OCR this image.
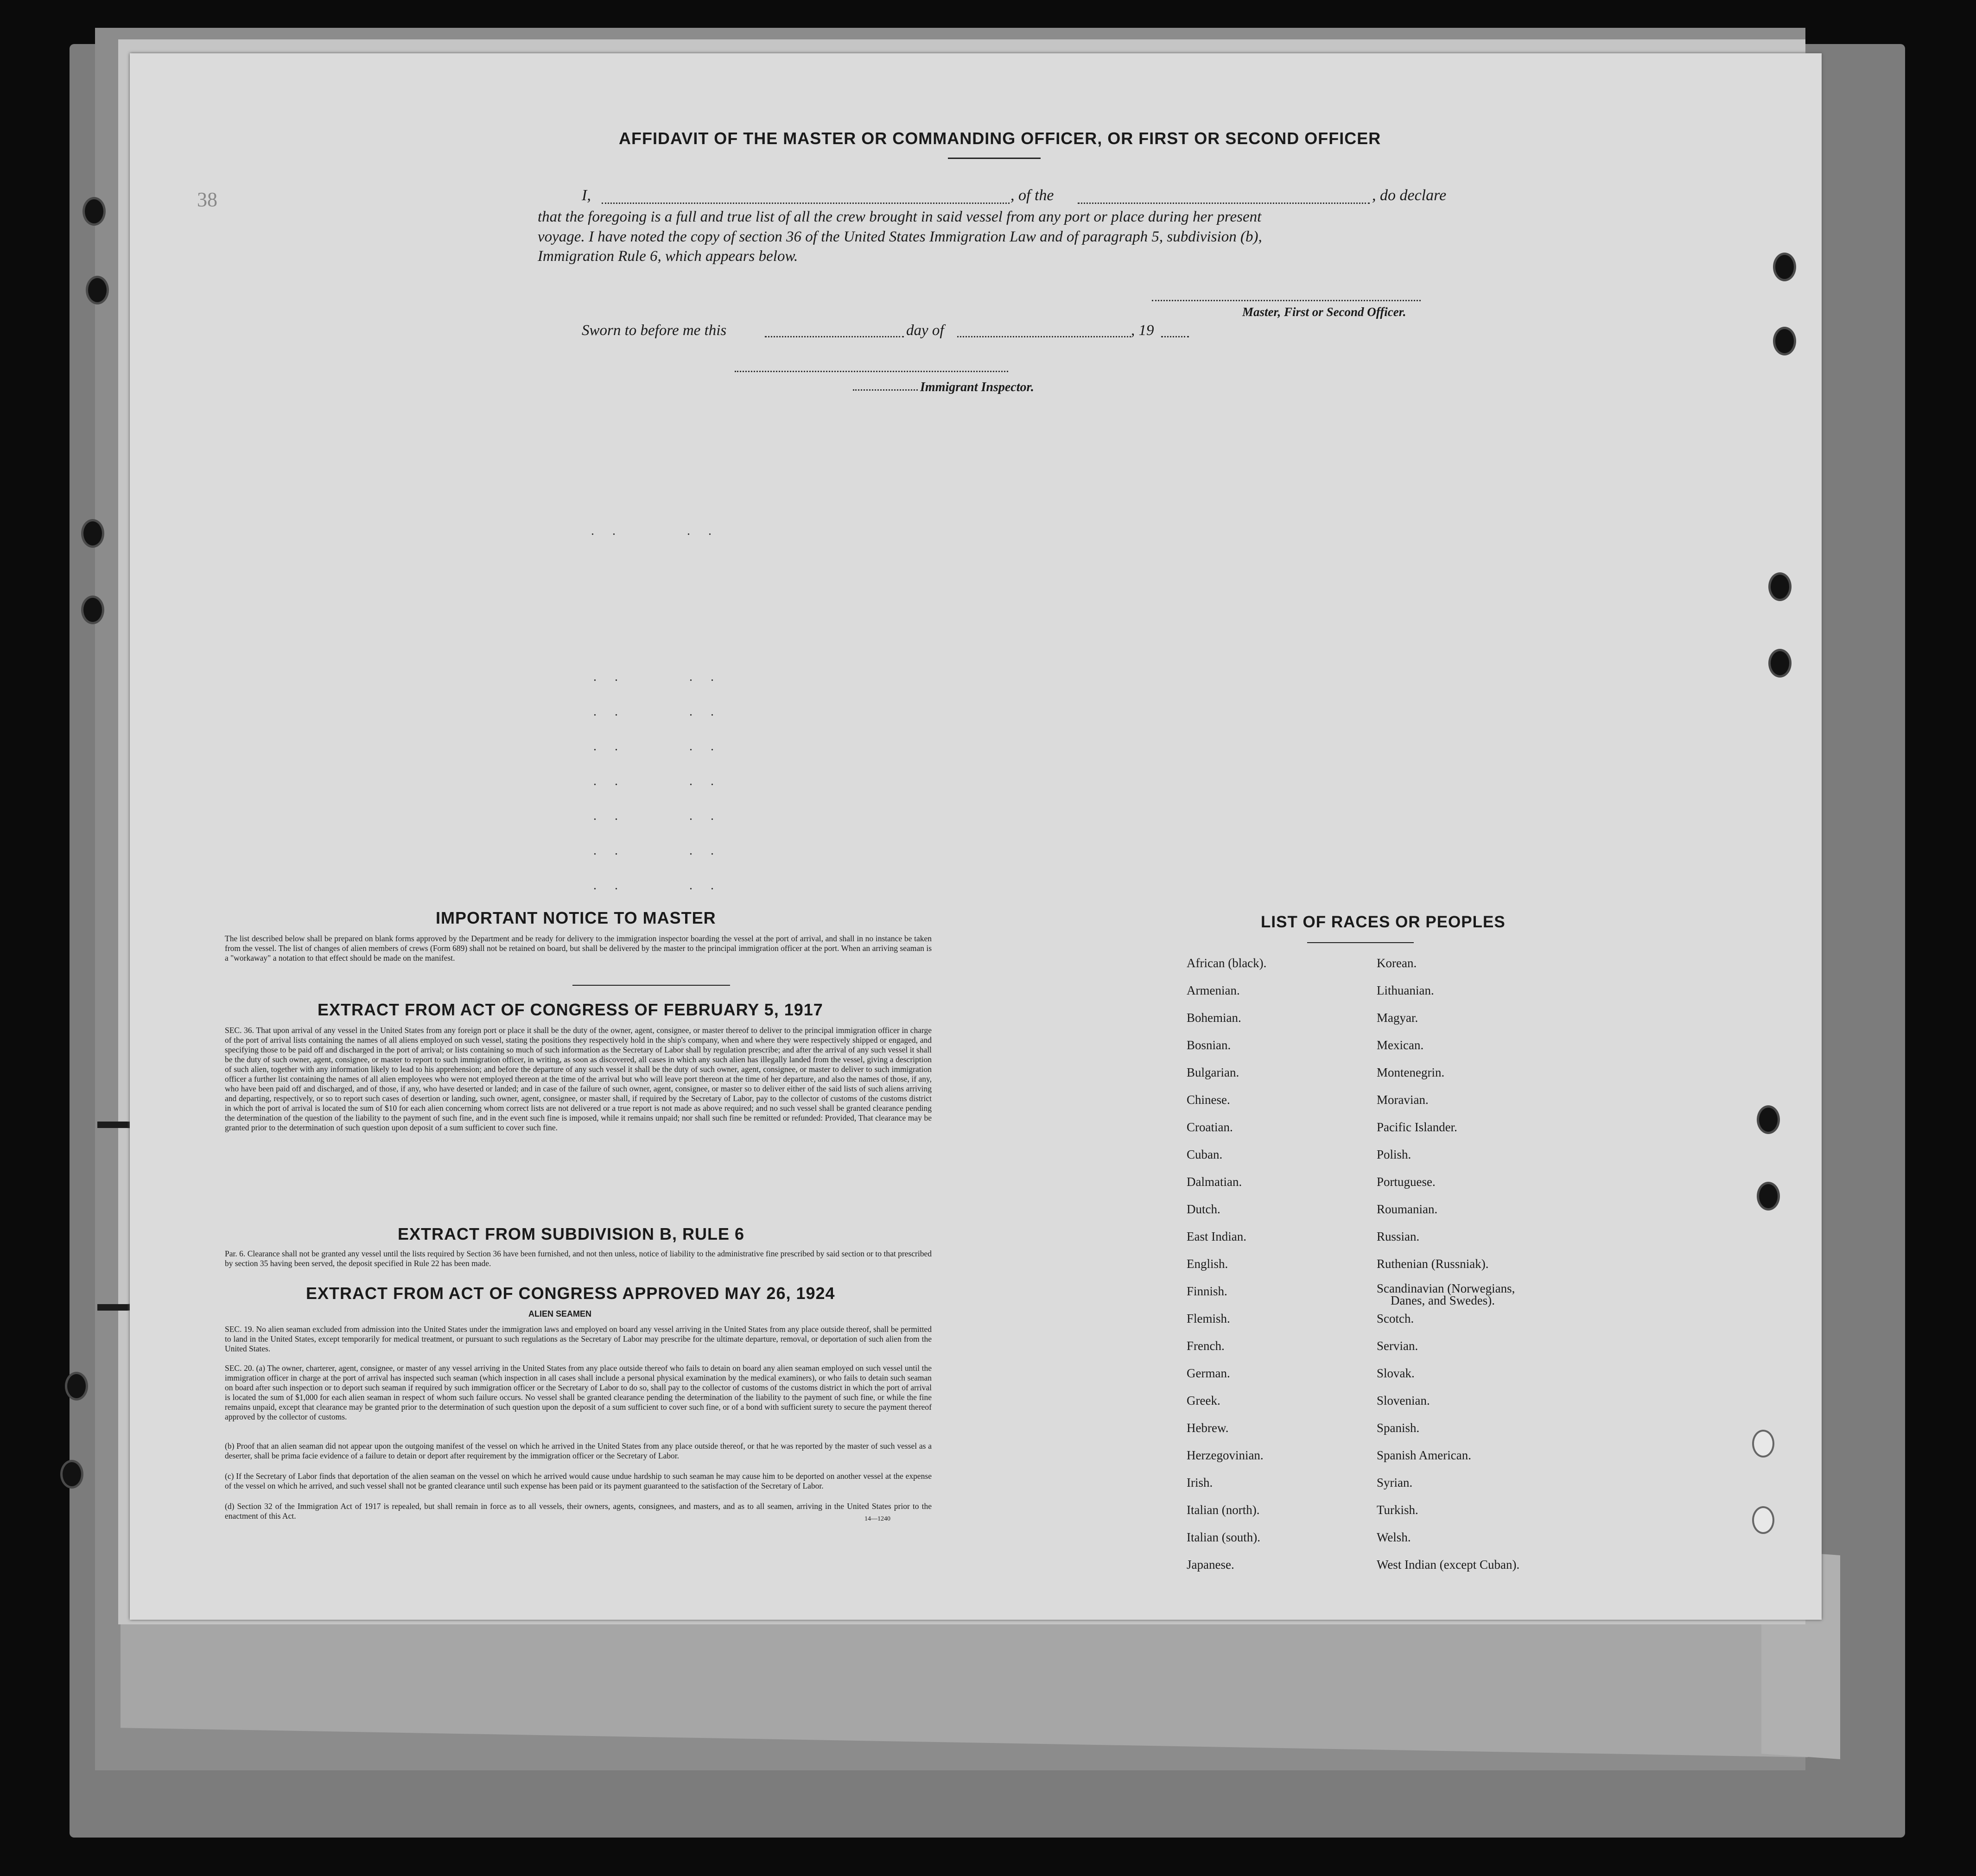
38
AFFIDAVIT OF THE MASTER OR COMMANDING OFFICER, OR FIRST OR SECOND OFFICER
I,	, of the	, do declare
that the foregoing is a full and true list of all the crew brought in said vessel from any port or place during her present
voyage. I have noted the copy of section 36 of the United States Immigration Law and of paragraph 5, subdivision (b),
Immigration Rule 6, which appears below.
Master, First or Second Officer.
Sworn to before me this	day of	, 19
Immigrant Inspector.
. .      . .
. .      . .
. .      . .
. .      . .
. .      . .
. .      . .
. .      . .
. .      . .
IMPORTANT NOTICE TO MASTER
The list described below shall be prepared on blank forms approved by the Department and be ready for delivery to the immigration inspector boarding the vessel at the port of arrival, and shall in no instance be taken from the vessel. The list of changes of alien members of crews (Form 689) shall not be retained on board, but shall be delivered by the master to the principal immigration officer at the port. When an arriving seaman is a "workaway" a notation to that effect should be made on the manifest.
EXTRACT FROM ACT OF CONGRESS OF FEBRUARY 5, 1917
SEC. 36. That upon arrival of any vessel in the United States from any foreign port or place it shall be the duty of the owner, agent, consignee, or master thereof to deliver to the principal immigration officer in charge of the port of arrival lists containing the names of all aliens employed on such vessel, stating the positions they respectively hold in the ship's company, when and where they were respectively shipped or engaged, and specifying those to be paid off and discharged in the port of arrival; or lists containing so much of such information as the Secretary of Labor shall by regulation prescribe; and after the arrival of any such vessel it shall be the duty of such owner, agent, consignee, or master to report to such immigration officer, in writing, as soon as discovered, all cases in which any such alien has illegally landed from the vessel, giving a description of such alien, together with any information likely to lead to his apprehension; and before the departure of any such vessel it shall be the duty of such owner, agent, consignee, or master to deliver to such immigration officer a further list containing the names of all alien employees who were not employed thereon at the time of the arrival but who will leave port thereon at the time of her departure, and also the names of those, if any, who have been paid off and discharged, and of those, if any, who have deserted or landed; and in case of the failure of such owner, agent, consignee, or master so to deliver either of the said lists of such aliens arriving and departing, respectively, or so to report such cases of desertion or landing, such owner, agent, consignee, or master shall, if required by the Secretary of Labor, pay to the collector of customs of the customs district in which the port of arrival is located the sum of $10 for each alien concerning whom correct lists are not delivered or a true report is not made as above required; and no such vessel shall be granted clearance pending the determination of the question of the liability to the payment of such fine, and in the event such fine is imposed, while it remains unpaid; nor shall such fine be remitted or refunded: Provided, That clearance may be granted prior to the determination of such question upon deposit of a sum sufficient to cover such fine.
EXTRACT FROM SUBDIVISION B, RULE 6
Par. 6. Clearance shall not be granted any vessel until the lists required by Section 36 have been furnished, and not then unless, notice of liability to the administrative fine prescribed by said section or to that prescribed by section 35 having been served, the deposit specified in Rule 22 has been made.
EXTRACT FROM ACT OF CONGRESS APPROVED MAY 26, 1924
ALIEN SEAMEN
SEC. 19. No alien seaman excluded from admission into the United States under the immigration laws and employed on board any vessel arriving in the United States from any place outside thereof, shall be permitted to land in the United States, except temporarily for medical treatment, or pursuant to such regulations as the Secretary of Labor may prescribe for the ultimate departure, removal, or deportation of such alien from the United States.
SEC. 20. (a) The owner, charterer, agent, consignee, or master of any vessel arriving in the United States from any place outside thereof who fails to detain on board any alien seaman employed on such vessel until the immigration officer in charge at the port of arrival has inspected such seaman (which inspection in all cases shall include a personal physical examination by the medical examiners), or who fails to detain such seaman on board after such inspection or to deport such seaman if required by such immigration officer or the Secretary of Labor to do so, shall pay to the collector of customs of the customs district in which the port of arrival is located the sum of $1,000 for each alien seaman in respect of whom such failure occurs. No vessel shall be granted clearance pending the determination of the liability to the payment of such fine, or while the fine remains unpaid, except that clearance may be granted prior to the determination of such question upon the deposit of a sum sufficient to cover such fine, or of a bond with sufficient surety to secure the payment thereof approved by the collector of customs.
(b) Proof that an alien seaman did not appear upon the outgoing manifest of the vessel on which he arrived in the United States from any place outside thereof, or that he was reported by the master of such vessel as a deserter, shall be prima facie evidence of a failure to detain or deport after requirement by the immigration officer or the Secretary of Labor.
(c) If the Secretary of Labor finds that deportation of the alien seaman on the vessel on which he arrived would cause undue hardship to such seaman he may cause him to be deported on another vessel at the expense of the vessel on which he arrived, and such vessel shall not be granted clearance until such expense has been paid or its payment guaranteed to the satisfaction of the Secretary of Labor.
(d) Section 32 of the Immigration Act of 1917 is repealed, but shall remain in force as to all vessels, their owners, agents, consignees, and masters, and as to all seamen, arriving in the United States prior to the enactment of this Act.	14—1240
LIST OF RACES OR PEOPLES
African (black).
Armenian.
Bohemian.
Bosnian.
Bulgarian.
Chinese.
Croatian.
Cuban.
Dalmatian.
Dutch.
East Indian.
English.
Finnish.
Flemish.
French.
German.
Greek.
Hebrew.
Herzegovinian.
Irish.
Italian (north).
Italian (south).
Japanese.
Korean.
Lithuanian.
Magyar.
Mexican.
Montenegrin.
Moravian.
Pacific Islander.
Polish.
Portuguese.
Roumanian.
Russian.
Ruthenian (Russniak).
Scandinavian (Norwegians,
Danes, and Swedes).
Scotch.
Servian.
Slovak.
Slovenian.
Spanish.
Spanish American.
Syrian.
Turkish.
Welsh.
West Indian (except Cuban).
